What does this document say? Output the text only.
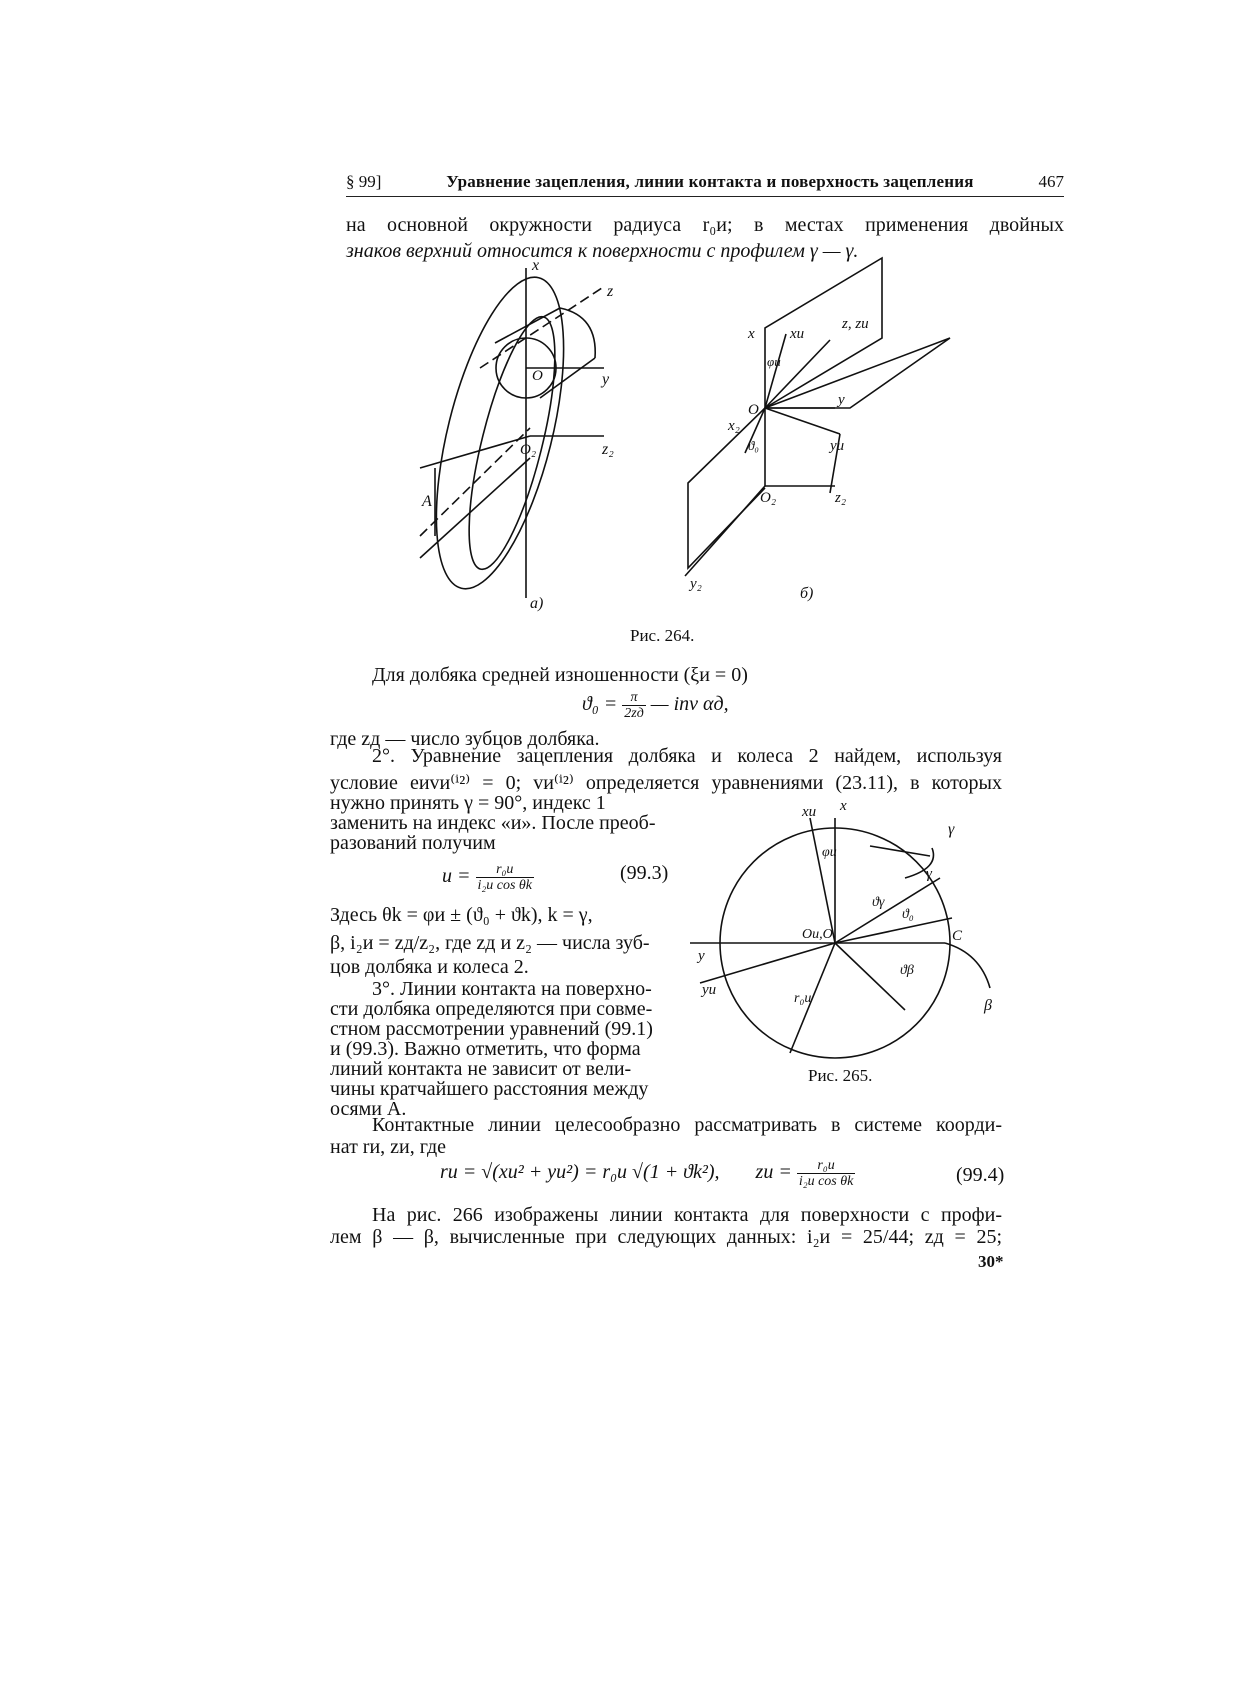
§ 99]	Уравнение зацепления, линии контакта и поверхность зацепления	467
на основной окружности радиуса r₀и; в местах применения двойных
знаков верхний относится к поверхности с профилем γ — γ.
x
z
O	y
O₂	z₂
A
а)
x xи
z, zи
φи
O
y
yи
x₂
ϑ₀
O₂	z₂
y₂
б)
Рис. 264.
Для долбяка средней изношенности (ξи = 0)
$ϑ_0 = \frac{\pi}{2zд}$ — inv αд,
где zд — число зубцов долбяка.
2°. Уравнение зацепления долбяка и колеса 2 найдем, используя
условие eиvи⁽ⁱ²⁾ = 0; vи⁽ⁱ²⁾ определяется уравнениями (23.11), в которых
нужно принять γ = 90°, индекс 1
заменить на индекс «и». После преоб-
разований получим
$u = \frac{\text{r₀и}}{\text{i₂и cos θk}}$	(99.3)
Здесь θk = φи ± (ϑ₀ + ϑk), k = γ,
β, i₂и = zд/z₂, где zд и z₂ — числа зуб-
цов долбяка и колеса 2.
3°. Линии контакта на поверхно-
сти долбяка определяются при совме-
стном рассмотрении уравнений (99.1)
и (99.3). Важно отметить, что форма
линий контакта не зависит от вели-
чины кратчайшего расстояния между
осями A.
xи x
γ
φи
γ
ϑγ
ϑ₀
Oи,O	C
y
yи
r₀и
ϑβ
β
Рис. 265.
Контактные линии целесообразно рассматривать в системе коорди-
нат rи, zи, где
rи = √(xи² + yи²) = r₀и √(1 + ϑk²), zи = $\frac{\text{r₀и}}{\text{i₂и cos θk}}$	(99.4)
На рис. 266 изображены линии контакта для поверхности с профи-
лем β — β, вычисленные при следующих данных: i₂и = 25/44; zд = 25;
30*
